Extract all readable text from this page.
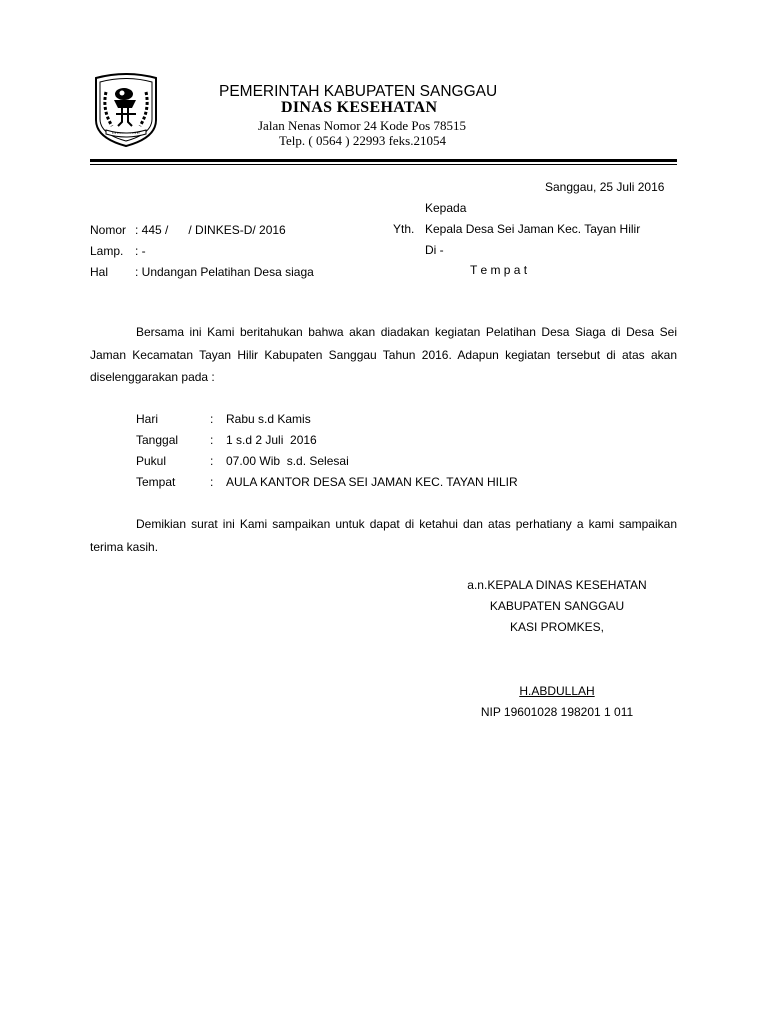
PEMERINTAH KABUPATEN SANGGAU
DINAS KESEHATAN
Jalan Nenas Nomor 24 Kode Pos 78515
Telp. ( 0564 ) 22993 feks.21054
Sanggau, 25 Juli 2016
Kepada
Yth. Kepala Desa Sei Jaman Kec. Tayan Hilir
Di -
T e m p a t
Nomor : 445 /      / DINKES-D/ 2016
Lamp. : -
Hal : Undangan Pelatihan Desa siaga
Bersama ini Kami beritahukan bahwa akan diadakan kegiatan Pelatihan Desa Siaga di Desa Sei Jaman Kecamatan Tayan Hilir Kabupaten Sanggau Tahun 2016. Adapun kegiatan tersebut di atas akan diselenggarakan pada :
Hari	: Rabu s.d Kamis
Tanggal	: 1 s.d 2 Juli  2016
Pukul	: 07.00 Wib  s.d. Selesai
Tempat	: AULA KANTOR DESA SEI JAMAN KEC. TAYAN HILIR
Demikian surat ini Kami sampaikan untuk dapat di ketahui dan atas perhatiany a kami sampaikan terima kasih.
a.n.KEPALA DINAS KESEHATAN
KABUPATEN SANGGAU
KASI PROMKES,
H.ABDULLAH
NIP 19601028 198201 1 011
